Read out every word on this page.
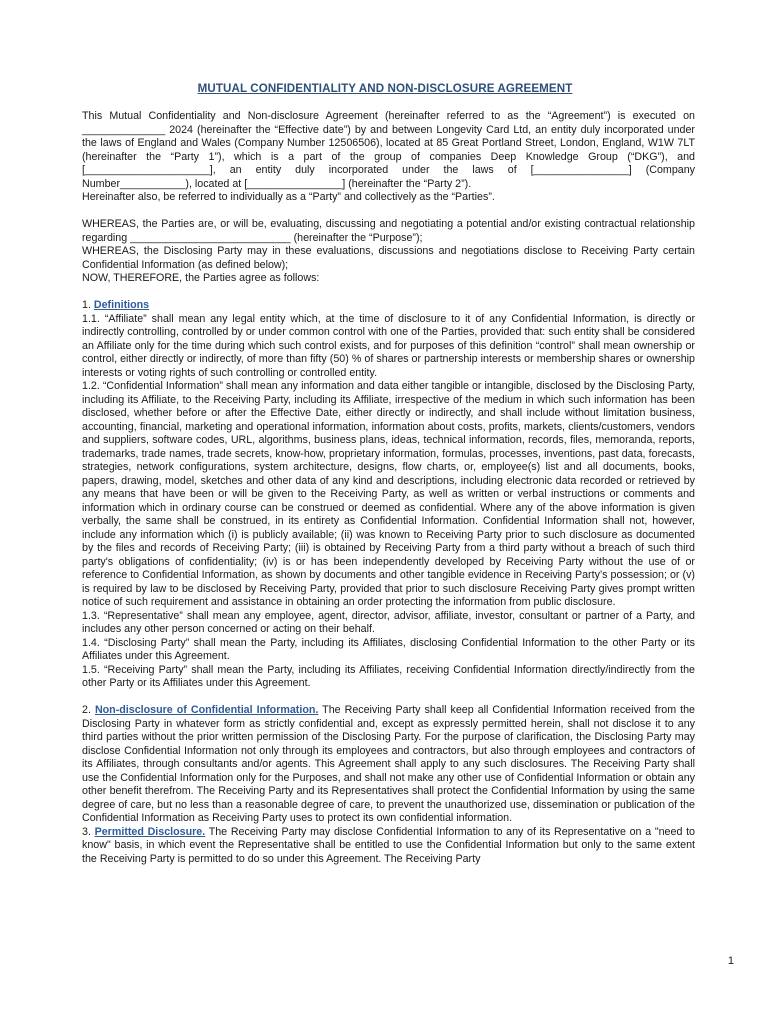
MUTUAL CONFIDENTIALITY AND NON-DISCLOSURE AGREEMENT

This Mutual Confidentiality and Non-disclosure Agreement (hereinafter referred to as the “Agreement”) is executed on ______________ 2024 (hereinafter the “Effective date”) by and between Longevity Card Ltd, an entity duly incorporated under the laws of England and Wales (Company Number 12506506), located at 85 Great Portland Street, London, England, W1W 7LT (hereinafter the “Party 1”), which is a part of the group of companies Deep Knowledge Group (“DKG”), and [_____________________], an entity duly incorporated under the laws of [________________] (Company Number___________), located at [________________] (hereinafter the “Party 2”).

Hereinafter also, be referred to individually as a “Party” and collectively as the “Parties”.

WHEREAS, the Parties are, or will be, evaluating, discussing and negotiating a potential and/or existing contractual relationship regarding ___________________________ (hereinafter the “Purpose”);

WHEREAS, the Disclosing Party may in these evaluations, discussions and negotiations disclose to Receiving Party certain Confidential Information (as defined below);

NOW, THEREFORE, the Parties agree as follows:

1. Definitions

1.1. “Affiliate” shall mean any legal entity which, at the time of disclosure to it of any Confidential Information, is directly or indirectly controlling, controlled by or under common control with one of the Parties, provided that: such entity shall be considered an Affiliate only for the time during which such control exists, and for purposes of this definition “control” shall mean ownership or control, either directly or indirectly, of more than fifty (50) % of shares or partnership interests or membership shares or ownership interests or voting rights of such controlling or controlled entity.

1.2. “Confidential Information” shall mean any information and data either tangible or intangible, disclosed by the Disclosing Party, including its Affiliate, to the Receiving Party, including its Affiliate, irrespective of the medium in which such information has been disclosed, whether before or after the Effective Date, either directly or indirectly, and shall include without limitation business, accounting, financial, marketing and operational information, information about costs, profits, markets, clients/customers, vendors and suppliers, software codes, URL, algorithms, business plans, ideas, technical information, records, files, memoranda, reports, trademarks, trade names, trade secrets, know-how, proprietary information, formulas, processes, inventions, past data, forecasts, strategies, network configurations, system architecture, designs, flow charts, or, employee(s) list and all documents, books, papers, drawing, model, sketches and other data of any kind and descriptions, including electronic data recorded or retrieved by any means that have been or will be given to the Receiving Party, as well as written or verbal instructions or comments and information which in ordinary course can be construed or deemed as confidential. Where any of the above information is given verbally, the same shall be construed, in its entirety as Confidential Information. Confidential Information shall not, however, include any information which (i) is publicly available; (ii) was known to Receiving Party prior to such disclosure as documented by the files and records of Receiving Party; (iii) is obtained by Receiving Party from a third party without a breach of such third party's obligations of confidentiality; (iv) is or has been independently developed by Receiving Party without the use of or reference to Confidential Information, as shown by documents and other tangible evidence in Receiving Party’s possession; or (v) is required by law to be disclosed by Receiving Party, provided that prior to such disclosure Receiving Party gives prompt written notice of such requirement and assistance in obtaining an order protecting the information from public disclosure.

1.3. “Representative” shall mean any employee, agent, director, advisor, affiliate, investor, consultant or partner of a Party, and includes any other person concerned or acting on their behalf.

1.4. “Disclosing Party” shall mean the Party, including its Affiliates, disclosing Confidential Information to the other Party or its Affiliates under this Agreement.

1.5. “Receiving Party” shall mean the Party, including its Affiliates, receiving Confidential Information directly/indirectly from the other Party or its Affiliates under this Agreement.

2. Non-disclosure of Confidential Information. The Receiving Party shall keep all Confidential Information received from the Disclosing Party in whatever form as strictly confidential and, except as expressly permitted herein, shall not disclose it to any third parties without the prior written permission of the Disclosing Party. For the purpose of clarification, the Disclosing Party may disclose Confidential Information not only through its employees and contractors, but also through employees and contractors of its Affiliates, through consultants and/or agents. This Agreement shall apply to any such disclosures. The Receiving Party shall use the Confidential Information only for the Purposes, and shall not make any other use of Confidential Information or obtain any other benefit therefrom. The Receiving Party and its Representatives shall protect the Confidential Information by using the same degree of care, but no less than a reasonable degree of care, to prevent the unauthorized use, dissemination or publication of the Confidential Information as Receiving Party uses to protect its own confidential information.

3. Permitted Disclosure. The Receiving Party may disclose Confidential Information to any of its Representative on a "need to know" basis, in which event the Representative shall be entitled to use the Confidential Information but only to the same extent the Receiving Party is permitted to do so under this Agreement. The Receiving Party

1
